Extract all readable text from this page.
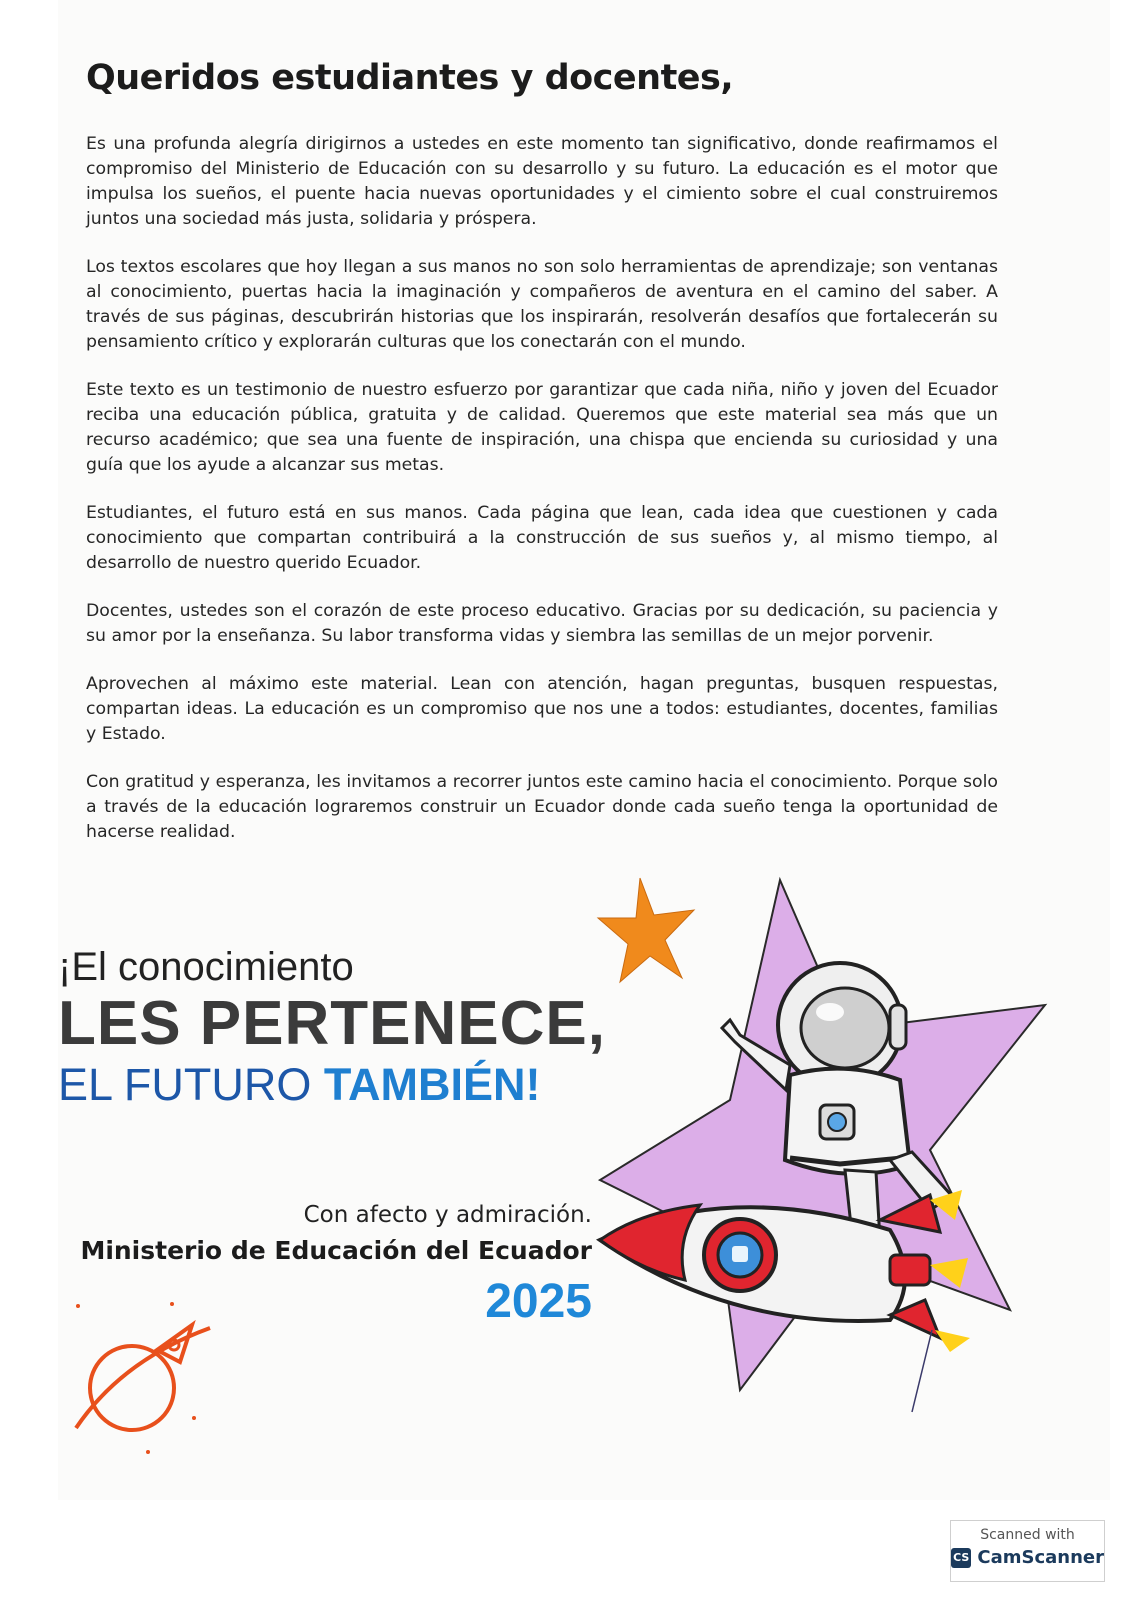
Queridos estudiantes y docentes,

Es una profunda alegría dirigirnos a ustedes en este momento tan significativo, donde reafirmamos el compromiso del Ministerio de Educación con su desarrollo y su futuro. La educación es el motor que impulsa los sueños, el puente hacia nuevas oportunidades y el cimiento sobre el cual construiremos juntos una sociedad más justa, solidaria y próspera.

Los textos escolares que hoy llegan a sus manos no son solo herramientas de aprendizaje; son ventanas al conocimiento, puertas hacia la imaginación y compañeros de aventura en el camino del saber. A través de sus páginas, descubrirán historias que los inspirarán, resolverán desafíos que fortalecerán su pensamiento crítico y explorarán culturas que los conectarán con el mundo.

Este texto es un testimonio de nuestro esfuerzo por garantizar que cada niña, niño y joven del Ecuador reciba una educación pública, gratuita y de calidad. Queremos que este material sea más que un recurso académico; que sea una fuente de inspiración, una chispa que encienda su curiosidad y una guía que los ayude a alcanzar sus metas.

Estudiantes, el futuro está en sus manos. Cada página que lean, cada idea que cuestionen y cada conocimiento que compartan contribuirá a la construcción de sus sueños y, al mismo tiempo, al desarrollo de nuestro querido Ecuador.

Docentes, ustedes son el corazón de este proceso educativo. Gracias por su dedicación, su paciencia y su amor por la enseñanza. Su labor transforma vidas y siembra las semillas de un mejor porvenir.

Aprovechen al máximo este material. Lean con atención, hagan preguntas, busquen respuestas, compartan ideas. La educación es un compromiso que nos une a todos: estudiantes, docentes, familias y Estado.

Con gratitud y esperanza, les invitamos a recorrer juntos este camino hacia el conocimiento. Porque solo a través de la educación lograremos construir un Ecuador donde cada sueño tenga la oportunidad de hacerse realidad.

¡El conocimiento
LES PERTENECE,
EL FUTURO TAMBIÉN!
Con afecto y admiración.
Ministerio de Educación del Ecuador
2025
Scanned with
CS CamScanner
